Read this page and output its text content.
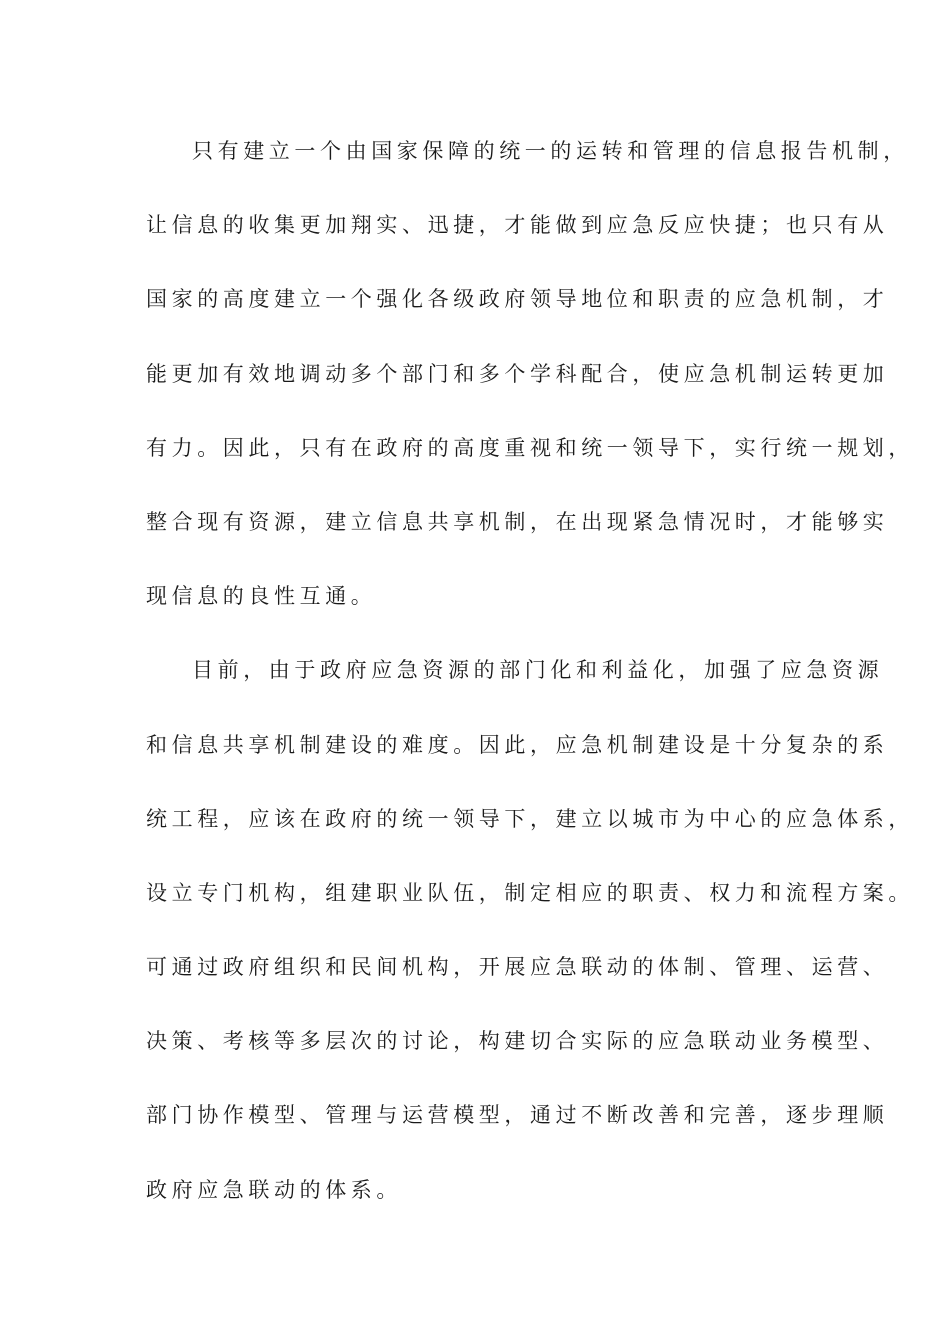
只有建立一个由国家保障的统一的运转和管理的信息报告机制，
让信息的收集更加翔实、迅捷，才能做到应急反应快捷；也只有从
国家的高度建立一个强化各级政府领导地位和职责的应急机制，才
能更加有效地调动多个部门和多个学科配合，使应急机制运转更加
有力。因此，只有在政府的高度重视和统一领导下，实行统一规划，
整合现有资源，建立信息共享机制，在出现紧急情况时，才能够实
现信息的良性互通。
目前，由于政府应急资源的部门化和利益化，加强了应急资源
和信息共享机制建设的难度。因此，应急机制建设是十分复杂的系
统工程，应该在政府的统一领导下，建立以城市为中心的应急体系，
设立专门机构，组建职业队伍，制定相应的职责、权力和流程方案。
可通过政府组织和民间机构，开展应急联动的体制、管理、运营、
决策、考核等多层次的讨论，构建切合实际的应急联动业务模型、
部门协作模型、管理与运营模型，通过不断改善和完善，逐步理顺
政府应急联动的体系。
